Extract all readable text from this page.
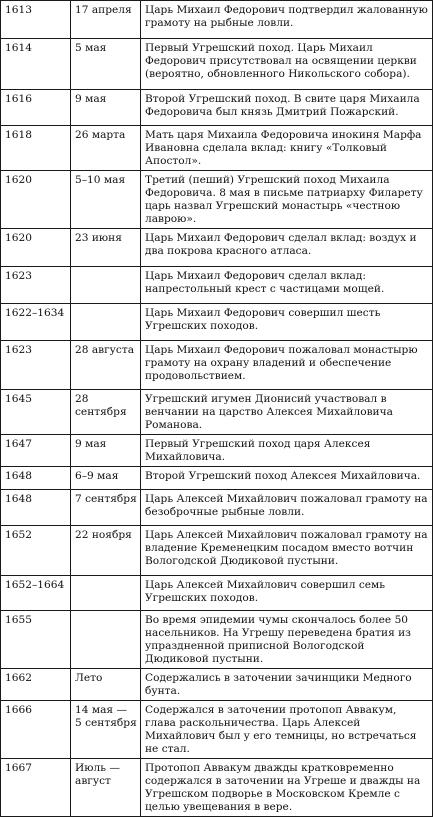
1613	17 апреля	Царь Михаил Федорович подтвердил жалованную грамоту на рыбные ловли.
1614	5 мая	Первый Угрешский поход. Царь Михаил Федорович присутствовал на освящении церкви (вероятно, обновленного Никольского собора).
1616	9 мая	Второй Угрешский поход. В свите царя Михаила Федоровича был князь Дмитрий Пожарский.
1618	26 марта	Мать царя Михаила Федоровича инокиня Марфа Ивановна сделала вклад: книгу «Толковый Апостол».
1620	5–10 мая	Третий (пеший) Угрешский поход Михаила Федоровича. 8 мая в письме патриарху Филарету царь назвал Угрешский монастырь «честною лаврою».
1620	23 июня	Царь Михаил Федорович сделал вклад: воздух и два покрова красного атласа.
1623		Царь Михаил Федорович сделал вклад: напрестольный крест с частицами мощей.
1622–1634		Царь Михаил Федорович совершил шесть Угрешских походов.
1623	28 августа	Царь Михаил Федорович пожаловал монастырю грамоту на охрану владений и обеспечение продовольствием.
1645	28 сентября	Угрешский игумен Дионисий участвовал в венчании на царство Алексея Михайловича Романова.
1647	9 мая	Первый Угрешский поход царя Алексея Михайловича.
1648	6–9 мая	Второй Угрешский поход Алексея Михайловича.
1648	7 сентября	Царь Алексей Михайлович пожаловал грамоту на безоброчные рыбные ловли.
1652	22 ноября	Царь Алексей Михайлович пожаловал грамоту на владение Кременецким посадом вместо вотчин Вологодской Дюдиковой пустыни.
1652–1664		Царь Алексей Михайлович совершил семь Угрешских походов.
1655		Во время эпидемии чумы скончалось более 50 насельников. На Угрешу переведена братия из упраздненной приписной Вологодской Дюдиковой пустыни.
1662	Лето	Содержались в заточении зачинщики Медного бунта.
1666	14 мая — 5 сентября	Содержался в заточении протопоп Аввакум, глава раскольничества. Царь Алексей Михайлович был у его темницы, но встречаться не стал.
1667	Июль — август	Протопоп Аввакум дважды кратковременно содержался в заточении на Угреше и дважды на Угрешском подворье в Московском Кремле с целью увещевания в вере.
